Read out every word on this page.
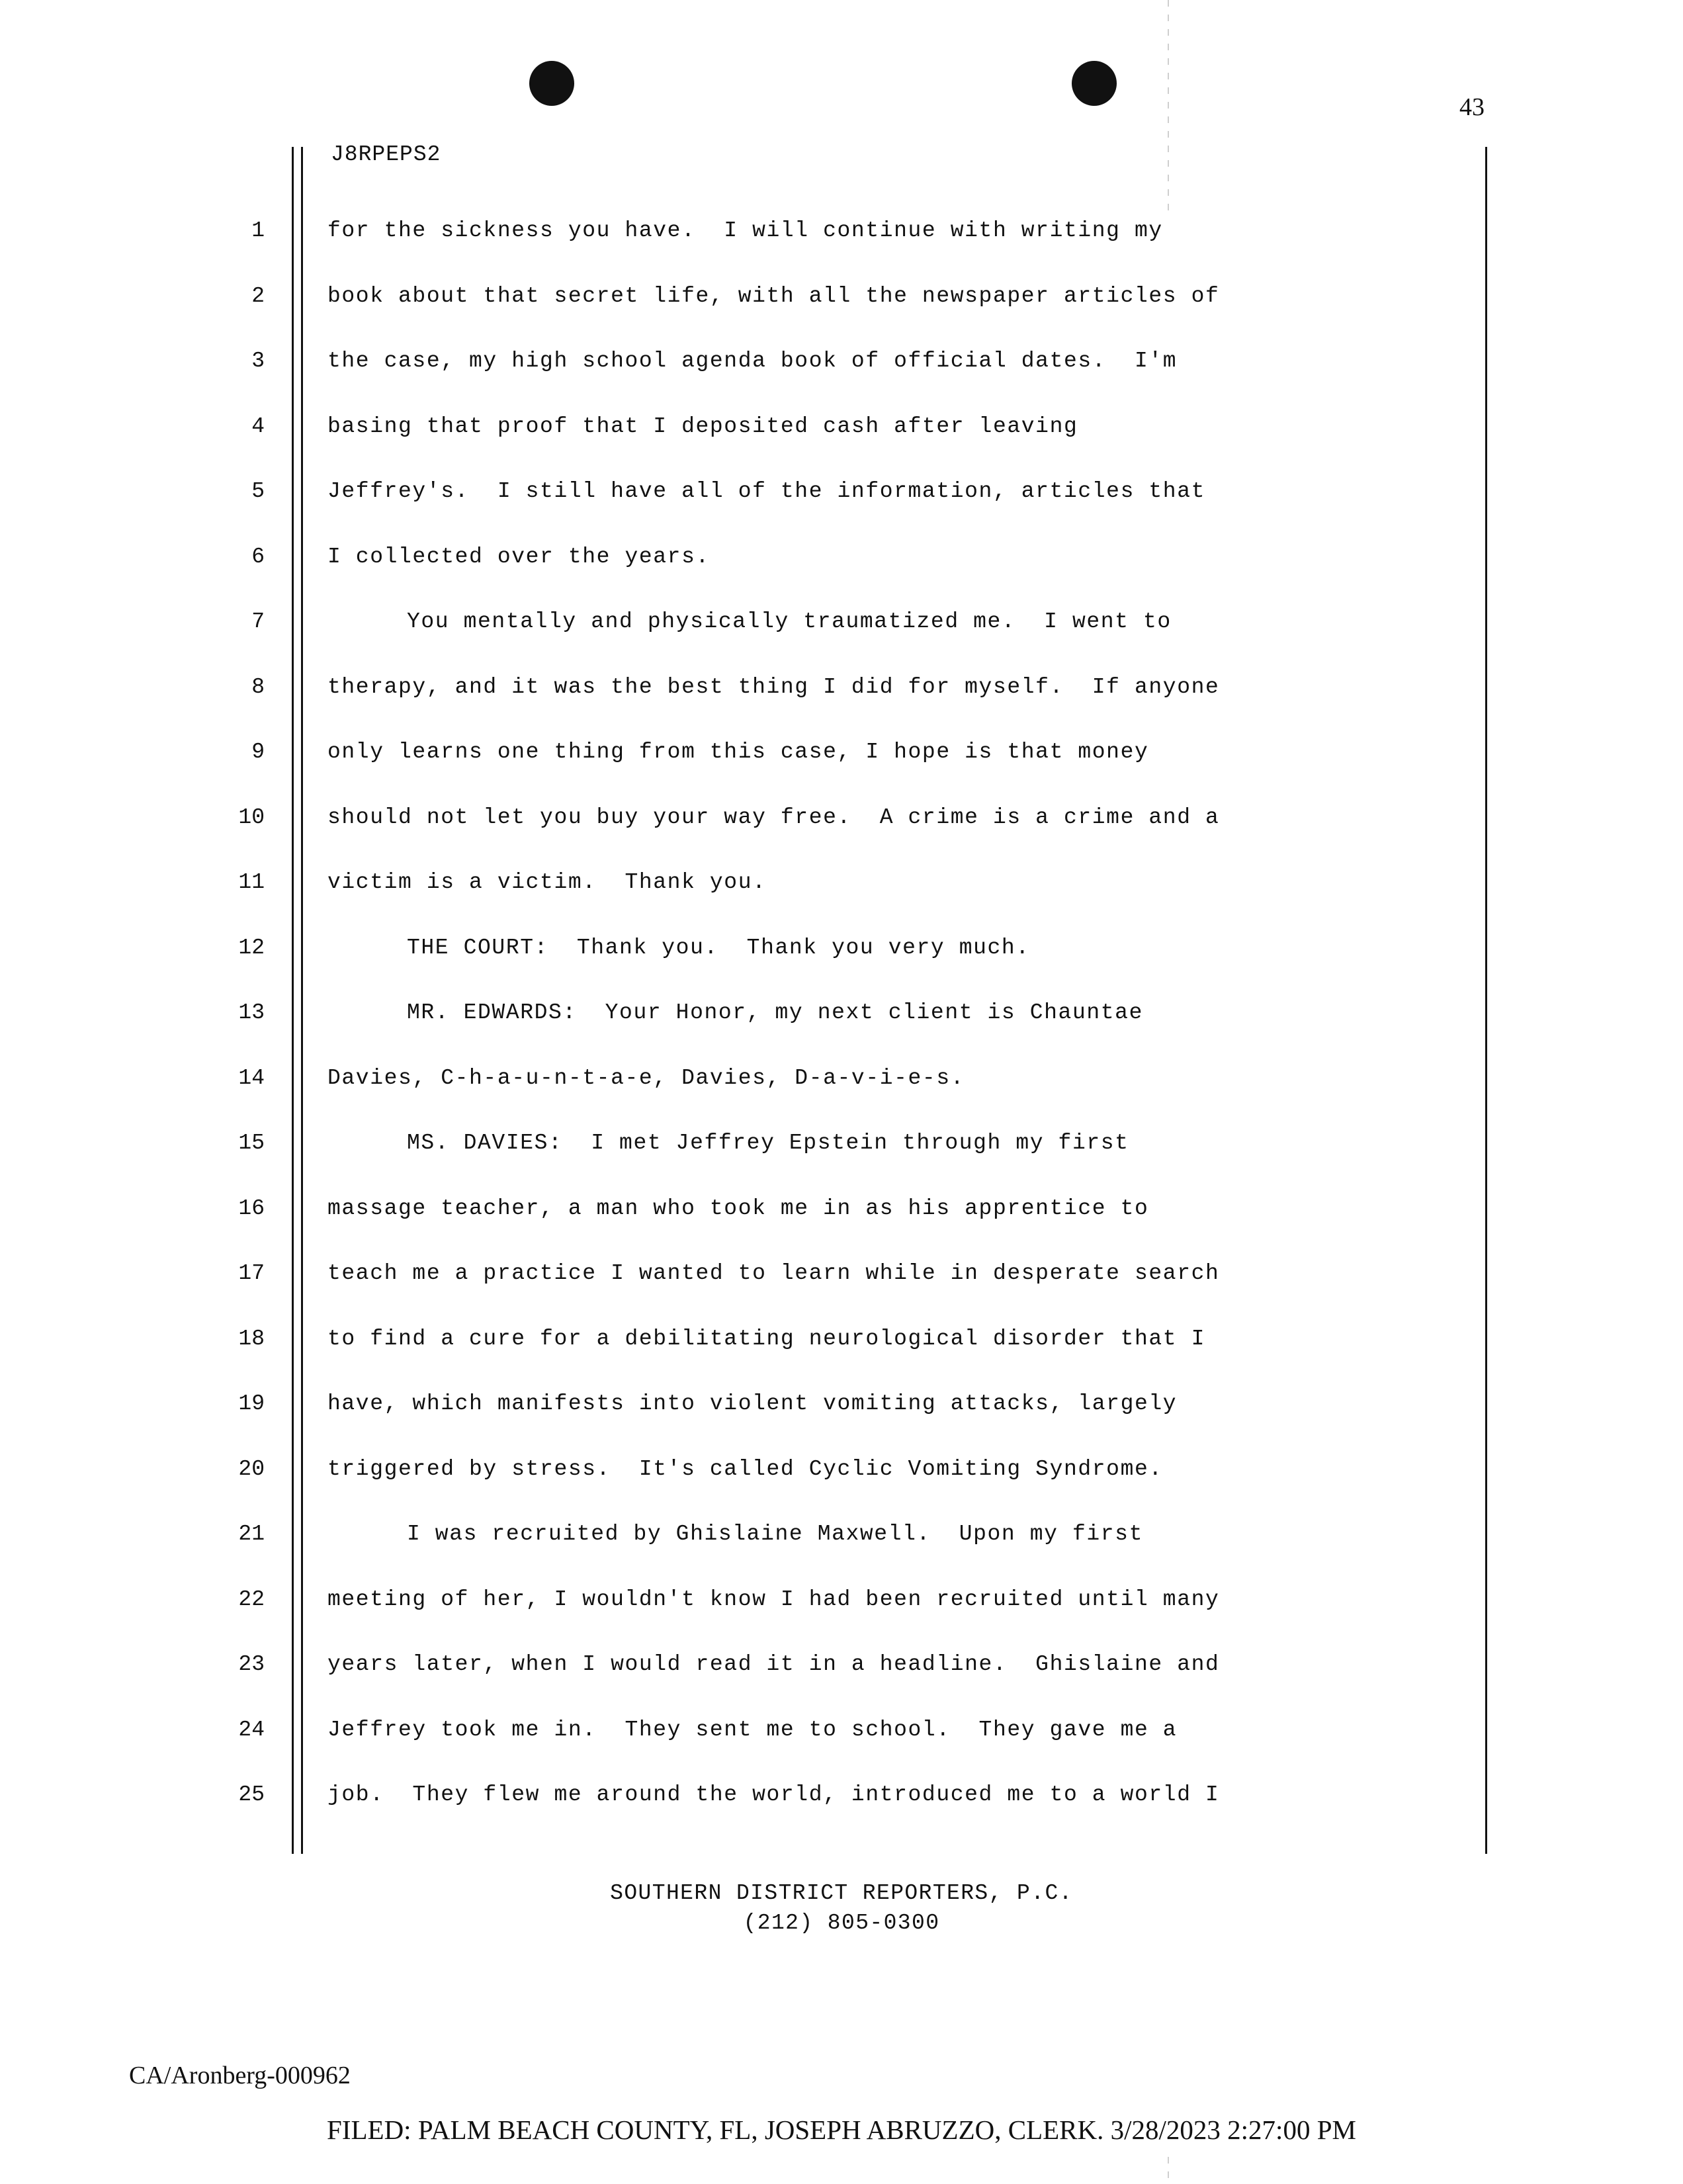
43
J8RPEPS2
1	for the sickness you have.  I will continue with writing my
2	book about that secret life, with all the newspaper articles of
3	the case, my high school agenda book of official dates.  I'm
4	basing that proof that I deposited cash after leaving
5	Jeffrey's.  I still have all of the information, articles that
6	I collected over the years.
7	You mentally and physically traumatized me.  I went to
8	therapy, and it was the best thing I did for myself.  If anyone
9	only learns one thing from this case, I hope is that money
10	should not let you buy your way free.  A crime is a crime and a
11	victim is a victim.  Thank you.
12	THE COURT:  Thank you.  Thank you very much.
13	MR. EDWARDS:  Your Honor, my next client is Chauntae
14	Davies, C-h-a-u-n-t-a-e, Davies, D-a-v-i-e-s.
15	MS. DAVIES:  I met Jeffrey Epstein through my first
16	massage teacher, a man who took me in as his apprentice to
17	teach me a practice I wanted to learn while in desperate search
18	to find a cure for a debilitating neurological disorder that I
19	have, which manifests into violent vomiting attacks, largely
20	triggered by stress.  It's called Cyclic Vomiting Syndrome.
21	I was recruited by Ghislaine Maxwell.  Upon my first
22	meeting of her, I wouldn't know I had been recruited until many
23	years later, when I would read it in a headline.  Ghislaine and
24	Jeffrey took me in.  They sent me to school.  They gave me a
25	job.  They flew me around the world, introduced me to a world I
SOUTHERN DISTRICT REPORTERS, P.C.
(212) 805-0300
CA/Aronberg-000962
FILED: PALM BEACH COUNTY, FL, JOSEPH ABRUZZO, CLERK. 3/28/2023 2:27:00 PM
